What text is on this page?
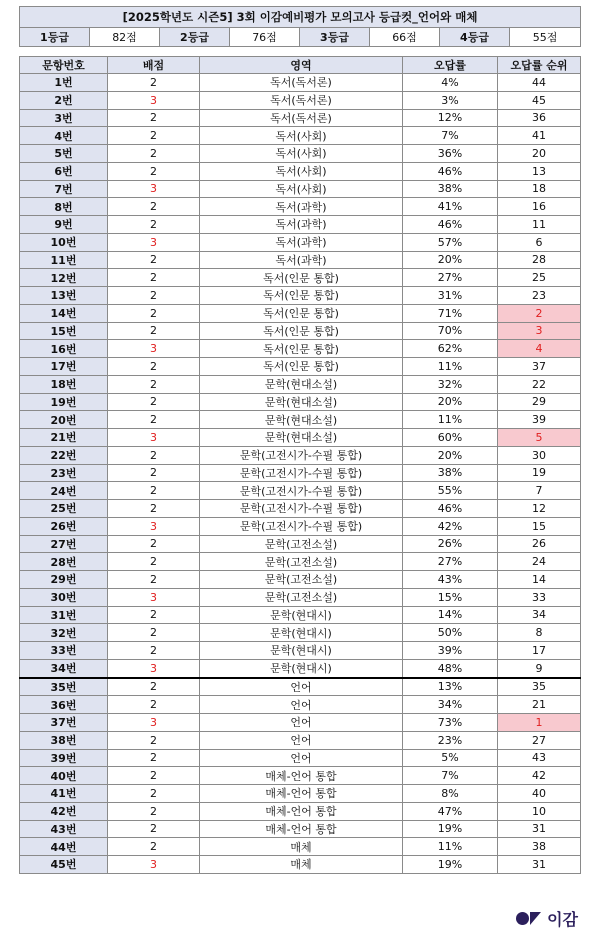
[2025학년도 시즌5] 3회 이감예비평가 모의고사 등급컷_언어와 매체
1등급	82점	2등급	76점	3등급	66점	4등급	55점
문항번호	배점	영역	오답률	오답률 순위
1번	2	독서(독서론)	4%	44
2번	3	독서(독서론)	3%	45
3번	2	독서(독서론)	12%	36
4번	2	독서(사회)	7%	41
5번	2	독서(사회)	36%	20
6번	2	독서(사회)	46%	13
7번	3	독서(사회)	38%	18
8번	2	독서(과학)	41%	16
9번	2	독서(과학)	46%	11
10번	3	독서(과학)	57%	6
11번	2	독서(과학)	20%	28
12번	2	독서(인문 통합)	27%	25
13번	2	독서(인문 통합)	31%	23
14번	2	독서(인문 통합)	71%	2
15번	2	독서(인문 통합)	70%	3
16번	3	독서(인문 통합)	62%	4
17번	2	독서(인문 통합)	11%	37
18번	2	문학(현대소설)	32%	22
19번	2	문학(현대소설)	20%	29
20번	2	문학(현대소설)	11%	39
21번	3	문학(현대소설)	60%	5
22번	2	문학(고전시가-수필 통합)	20%	30
23번	2	문학(고전시가-수필 통합)	38%	19
24번	2	문학(고전시가-수필 통합)	55%	7
25번	2	문학(고전시가-수필 통합)	46%	12
26번	3	문학(고전시가-수필 통합)	42%	15
27번	2	문학(고전소설)	26%	26
28번	2	문학(고전소설)	27%	24
29번	2	문학(고전소설)	43%	14
30번	3	문학(고전소설)	15%	33
31번	2	문학(현대시)	14%	34
32번	2	문학(현대시)	50%	8
33번	2	문학(현대시)	39%	17
34번	3	문학(현대시)	48%	9
35번	2	언어	13%	35
36번	2	언어	34%	21
37번	3	언어	73%	1
38번	2	언어	23%	27
39번	2	언어	5%	43
40번	2	매체-언어 통합	7%	42
41번	2	매체-언어 통합	8%	40
42번	2	매체-언어 통합	47%	10
43번	2	매체-언어 통합	19%	31
44번	2	매체	11%	38
45번	3	매체	19%	31
이감
